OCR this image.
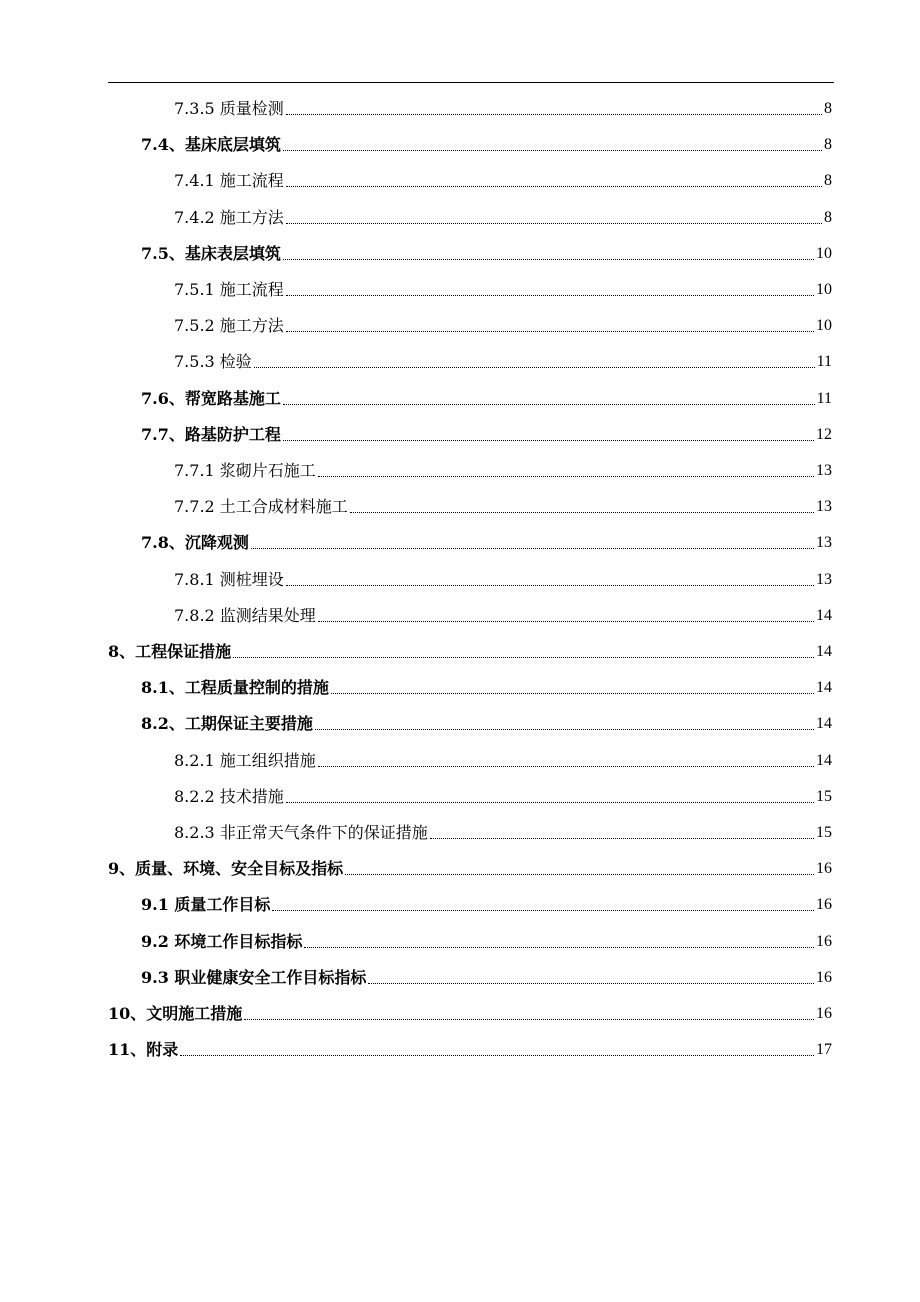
7.3.5 质量检测	8
7.4、基床底层填筑	8
7.4.1 施工流程	8
7.4.2 施工方法	8
7.5、基床表层填筑	10
7.5.1 施工流程	10
7.5.2 施工方法	10
7.5.3 检验	11
7.6、帮宽路基施工	11
7.7、路基防护工程	12
7.7.1 浆砌片石施工	13
7.7.2 土工合成材料施工	13
7.8、沉降观测	13
7.8.1 测桩埋设	13
7.8.2 监测结果处理	14
8、工程保证措施	14
8.1、工程质量控制的措施	14
8.2、工期保证主要措施	14
8.2.1 施工组织措施	14
8.2.2 技术措施	15
8.2.3 非正常天气条件下的保证措施	15
9、质量、环境、安全目标及指标	16
9.1 质量工作目标	16
9.2 环境工作目标指标	16
9.3 职业健康安全工作目标指标	16
10、文明施工措施	16
11、附录	17
